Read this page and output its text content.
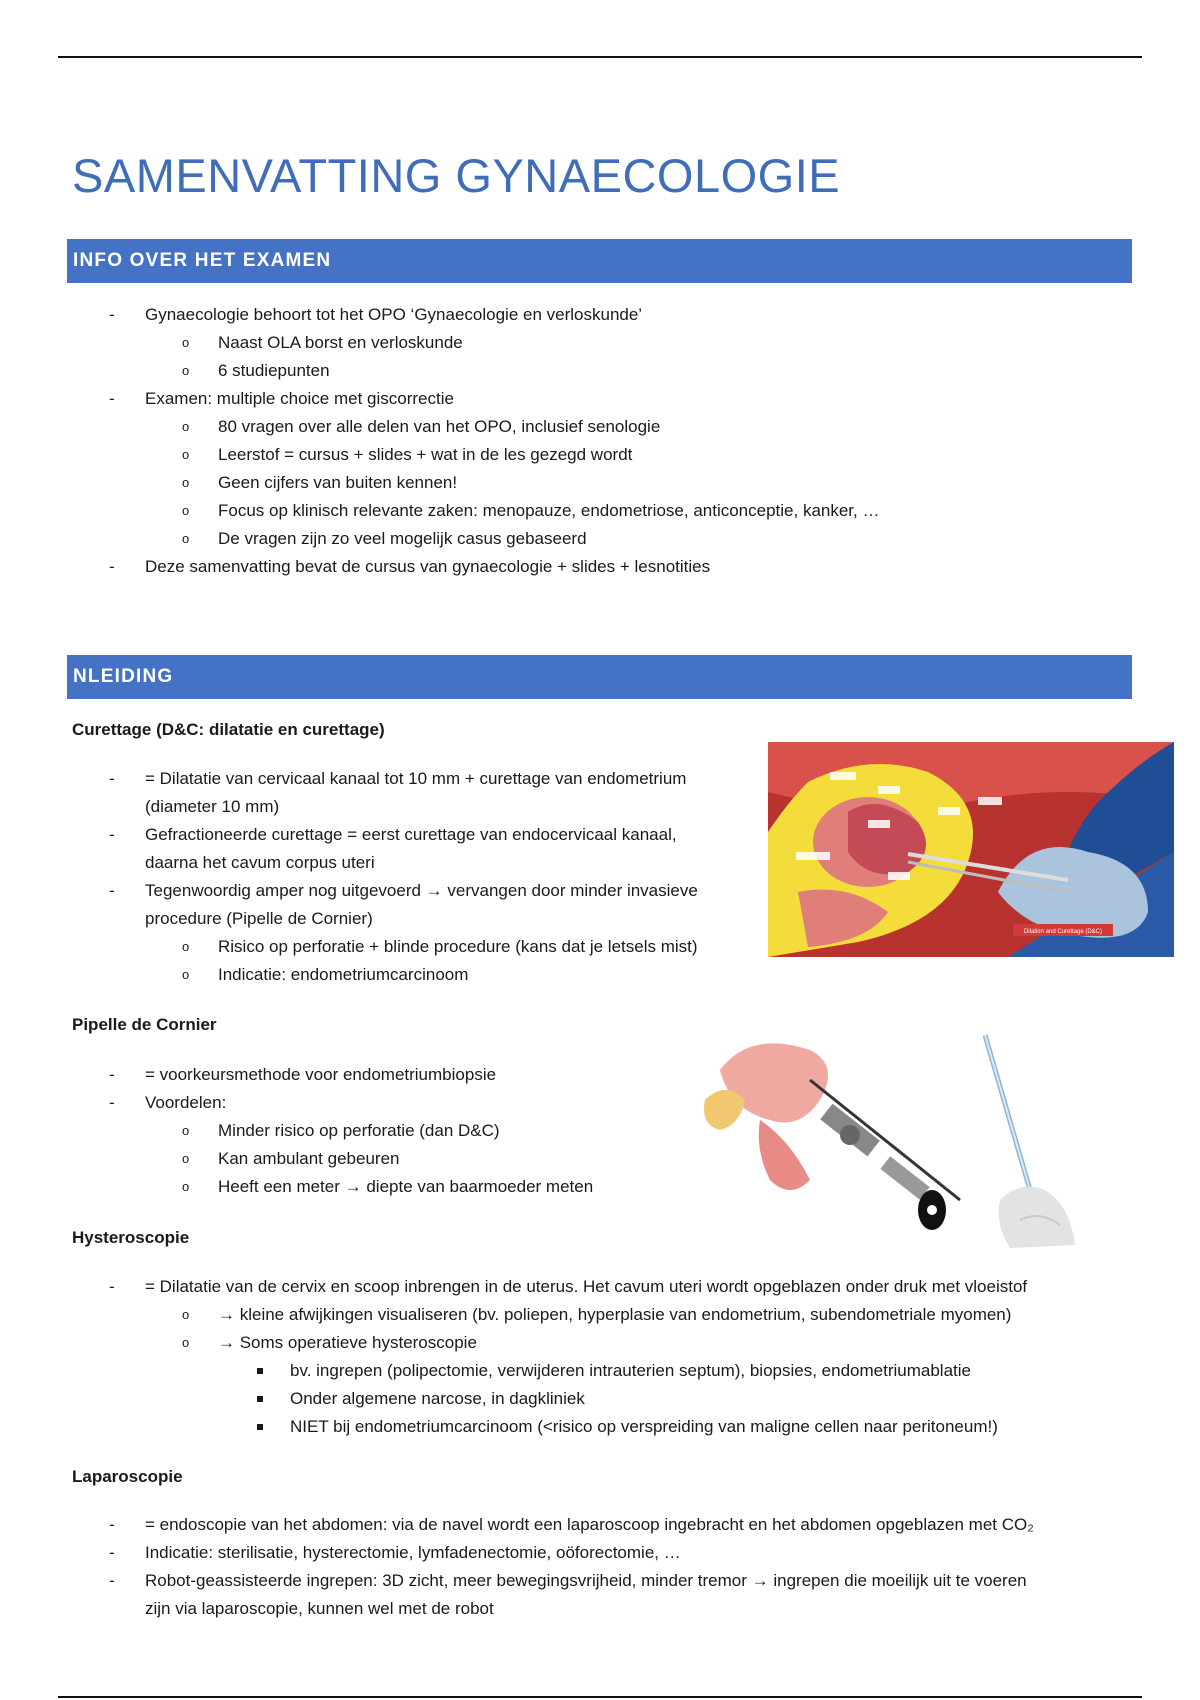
SAMENVATTING GYNAECOLOGIE
INFO OVER HET EXAMEN
- Gynaecologie behoort tot het OPO ‘Gynaecologie en verloskunde’
o Naast OLA borst en verloskunde
o 6 studiepunten
- Examen: multiple choice met giscorrectie
o 80 vragen over alle delen van het OPO, inclusief senologie
o Leerstof = cursus + slides + wat in de les gezegd wordt
o Geen cijfers van buiten kennen!
o Focus op klinisch relevante zaken: menopauze, endometriose, anticonceptie, kanker, …
o De vragen zijn zo veel mogelijk casus gebaseerd
- Deze samenvatting bevat de cursus van gynaecologie + slides + lesnotities
NLEIDING
Curettage (D&C: dilatatie en curettage)
- = Dilatatie van cervicaal kanaal tot 10 mm + curettage van endometrium
(diameter 10 mm)
- Gefractioneerde curettage = eerst curettage van endocervicaal kanaal,
daarna het cavum corpus uteri
- Tegenwoordig amper nog uitgevoerd → vervangen door minder invasieve
procedure (Pipelle de Cornier)
o Risico op perforatie + blinde procedure (kans dat je letsels mist)
o Indicatie: endometriumcarcinoom
Dilation and Curettage (D&C)
Pipelle de Cornier
- = voorkeursmethode voor endometriumbiopsie
- Voordelen:
o Minder risico op perforatie (dan D&C)
o Kan ambulant gebeuren
o Heeft een meter → diepte van baarmoeder meten
Hysteroscopie
- = Dilatatie van de cervix en scoop inbrengen in de uterus. Het cavum uteri wordt opgeblazen onder druk met vloeistof
o → kleine afwijkingen visualiseren (bv. poliepen, hyperplasie van endometrium, subendometriale myomen)
o → Soms operatieve hysteroscopie
bv. ingrepen (polipectomie, verwijderen intrauterien septum), biopsies, endometriumablatie
Onder algemene narcose, in dagkliniek
NIET bij endometriumcarcinoom (<risico op verspreiding van maligne cellen naar peritoneum!)
Laparoscopie
- = endoscopie van het abdomen: via de navel wordt een laparoscoop ingebracht en het abdomen opgeblazen met CO₂
- Indicatie: sterilisatie, hysterectomie, lymfadenectomie, oöforectomie, …
- Robot-geassisteerde ingrepen: 3D zicht, meer bewegingsvrijheid, minder tremor → ingrepen die moeilijk uit te voeren
zijn via laparoscopie, kunnen wel met de robot
